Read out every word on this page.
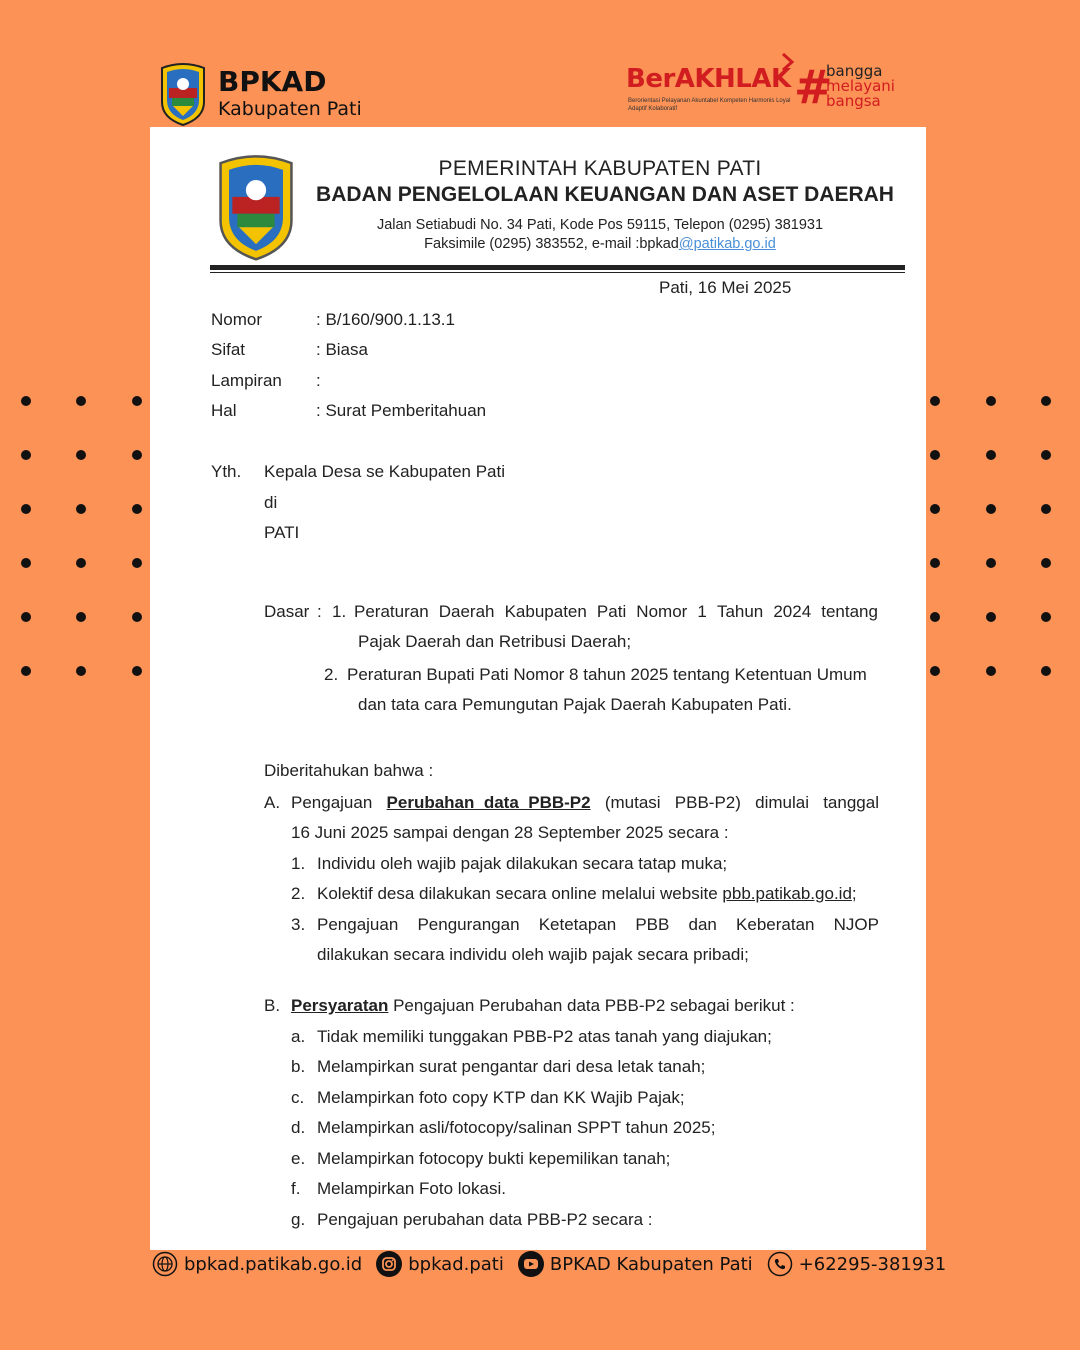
BPKAD
Kabupaten Pati
BerAKHLAK
Berorientasi Pelayanan Akuntabel Kompeten Harmonis Loyal Adaptif Kolaboratif	#
bangga
melayani
bangsa
PEMERINTAH KABUPATEN PATI
BADAN PENGELOLAAN KEUANGAN DAN ASET DAERAH
Jalan Setiabudi No. 34 Pati, Kode Pos 59115, Telepon (0295) 381931
Faksimile (0295) 383552, e-mail :bpkad@patikab.go.id
Pati, 16 Mei 2025
Nomor	: B/160/900.1.13.1
Sifat	: Biasa
Lampiran :
Hal	: Surat Pemberitahuan
Yth. Kepala Desa se Kabupaten Pati
di
PATI
Dasar : 1. Peraturan Daerah Kabupaten Pati Nomor 1 Tahun 2024 tentang
Pajak Daerah dan Retribusi Daerah;
2. Peraturan Bupati Pati Nomor 8 tahun 2025 tentang Ketentuan Umum
dan tata cara Pemungutan Pajak Daerah Kabupaten Pati.
Diberitahukan bahwa :
A. Pengajuan Perubahan  data  PBB-P2 (mutasi PBB-P2) dimulai tanggal
16 Juni 2025 sampai dengan 28 September 2025 secara :
1. Individu oleh wajib pajak dilakukan secara tatap muka;
2. Kolektif desa dilakukan secara online melalui website pbb.patikab.go.id;
3. Pengajuan Pengurangan Ketetapan PBB dan Keberatan NJOP
dilakukan secara individu oleh wajib pajak secara pribadi;
B. Persyaratan Pengajuan Perubahan data PBB-P2 sebagai berikut :
a. Tidak memiliki tunggakan PBB-P2 atas tanah yang diajukan;
b. Melampirkan surat pengantar dari desa letak tanah;
c. Melampirkan foto copy KTP dan KK Wajib Pajak;
d. Melampirkan asli/fotocopy/salinan SPPT tahun 2025;
e. Melampirkan fotocopy bukti kepemilikan tanah;
f. Melampirkan Foto lokasi.
g. Pengajuan perubahan data PBB-P2 secara :
bpkad.patikab.go.id	bpkad.pati	BPKAD Kabupaten Pati	+62295-381931
